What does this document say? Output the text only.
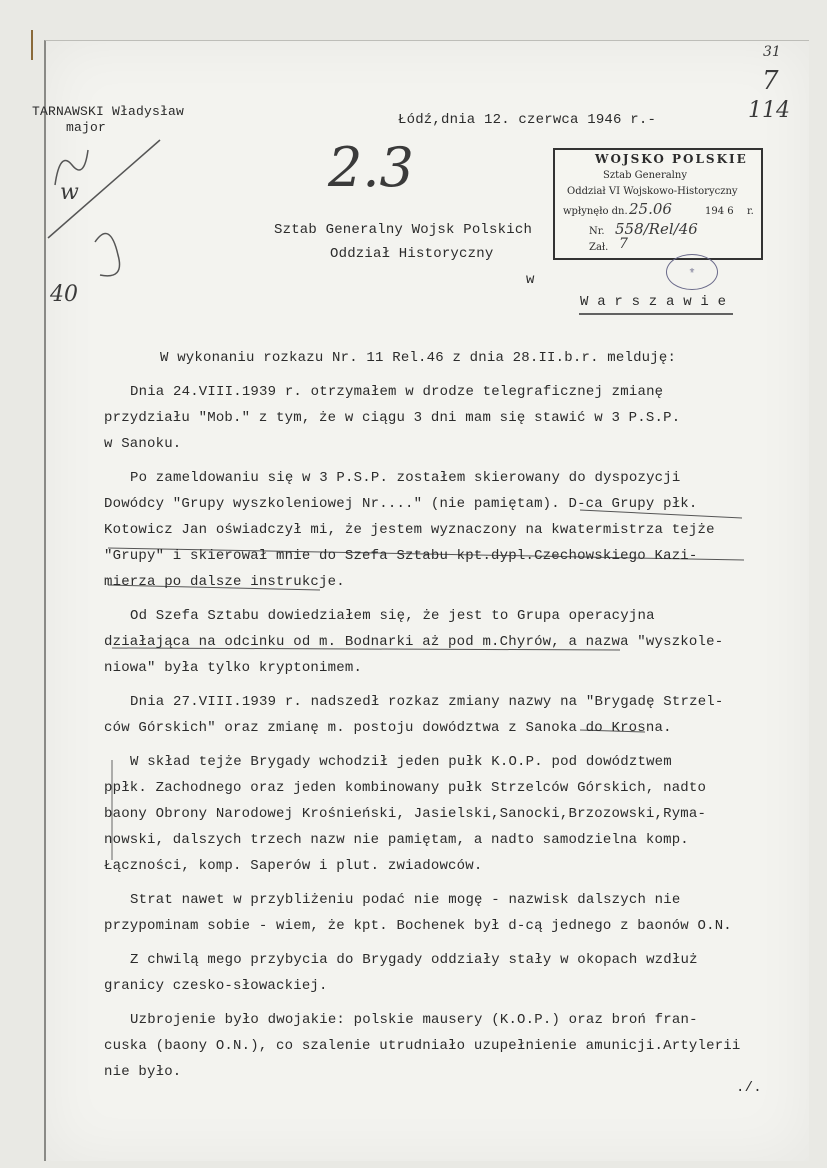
31
7
114
TARNAWSKI Władysław
major	Łódź,dnia 12. czerwca 1946 r.-
2.3
w
40
WOJSKO POLSKIE
Sztab Generalny
Oddział VI Wojskowo-Historyczny
wpłynęło dn. 25.06	194 6 r.
Nr. 558/Rel/46
Zał. 7
⚜
Sztab Generalny Wojsk Polskich
Oddział Historyczny
w
W a r s z a w i e
W wykonaniu rozkazu Nr. 11 Rel.46 z dnia 28.II.b.r. melduję:
Dnia 24.VIII.1939 r. otrzymałem w drodze telegraficznej zmianę
przydziału "Mob." z tym, że w ciągu 3 dni mam się stawić w 3 P.S.P.
w Sanoku.
Po zameldowaniu się w 3 P.S.P. zostałem skierowany do dyspozycji
Dowódcy "Grupy wyszkoleniowej Nr...." (nie pamiętam). D-ca Grupy płk.
Kotowicz Jan oświadczył mi, że jestem wyznaczony na kwatermistrza tejże
"Grupy" i skierował mnie do Szefa Sztabu kpt.dypl.Czechowskiego Kazi-
mierza po dalsze instrukcje.
Od Szefa Sztabu dowiedziałem się, że jest to Grupa operacyjna
działająca na odcinku od m. Bodnarki aż pod m.Chyrów, a nazwa "wyszkole-
niowa" była tylko kryptonimem.
Dnia 27.VIII.1939 r. nadszedł rozkaz zmiany nazwy na "Brygadę Strzel-
ców Górskich" oraz zmianę m. postoju dowództwa z Sanoka do Krosna.
W skład tejże Brygady wchodził jeden pułk K.O.P. pod dowództwem
ppłk. Zachodnego oraz jeden kombinowany pułk Strzelców Górskich, nadto
baony Obrony Narodowej Krośnieński, Jasielski,Sanocki,Brzozowski,Ryma-
nowski, dalszych trzech nazw nie pamiętam, a nadto samodzielna komp.
Łączności, komp. Saperów i plut. zwiadowców.
Strat nawet w przybliżeniu podać nie mogę - nazwisk dalszych nie
przypominam sobie - wiem, że kpt. Bochenek był d-cą jednego z baonów O.N.
Z chwilą mego przybycia do Brygady oddziały stały w okopach wzdłuż
granicy czesko-słowackiej.
Uzbrojenie było dwojakie: polskie mausery (K.O.P.) oraz broń fran-
cuska (baony O.N.), co szalenie utrudniało uzupełnienie amunicji.Artylerii
nie było.
./.
